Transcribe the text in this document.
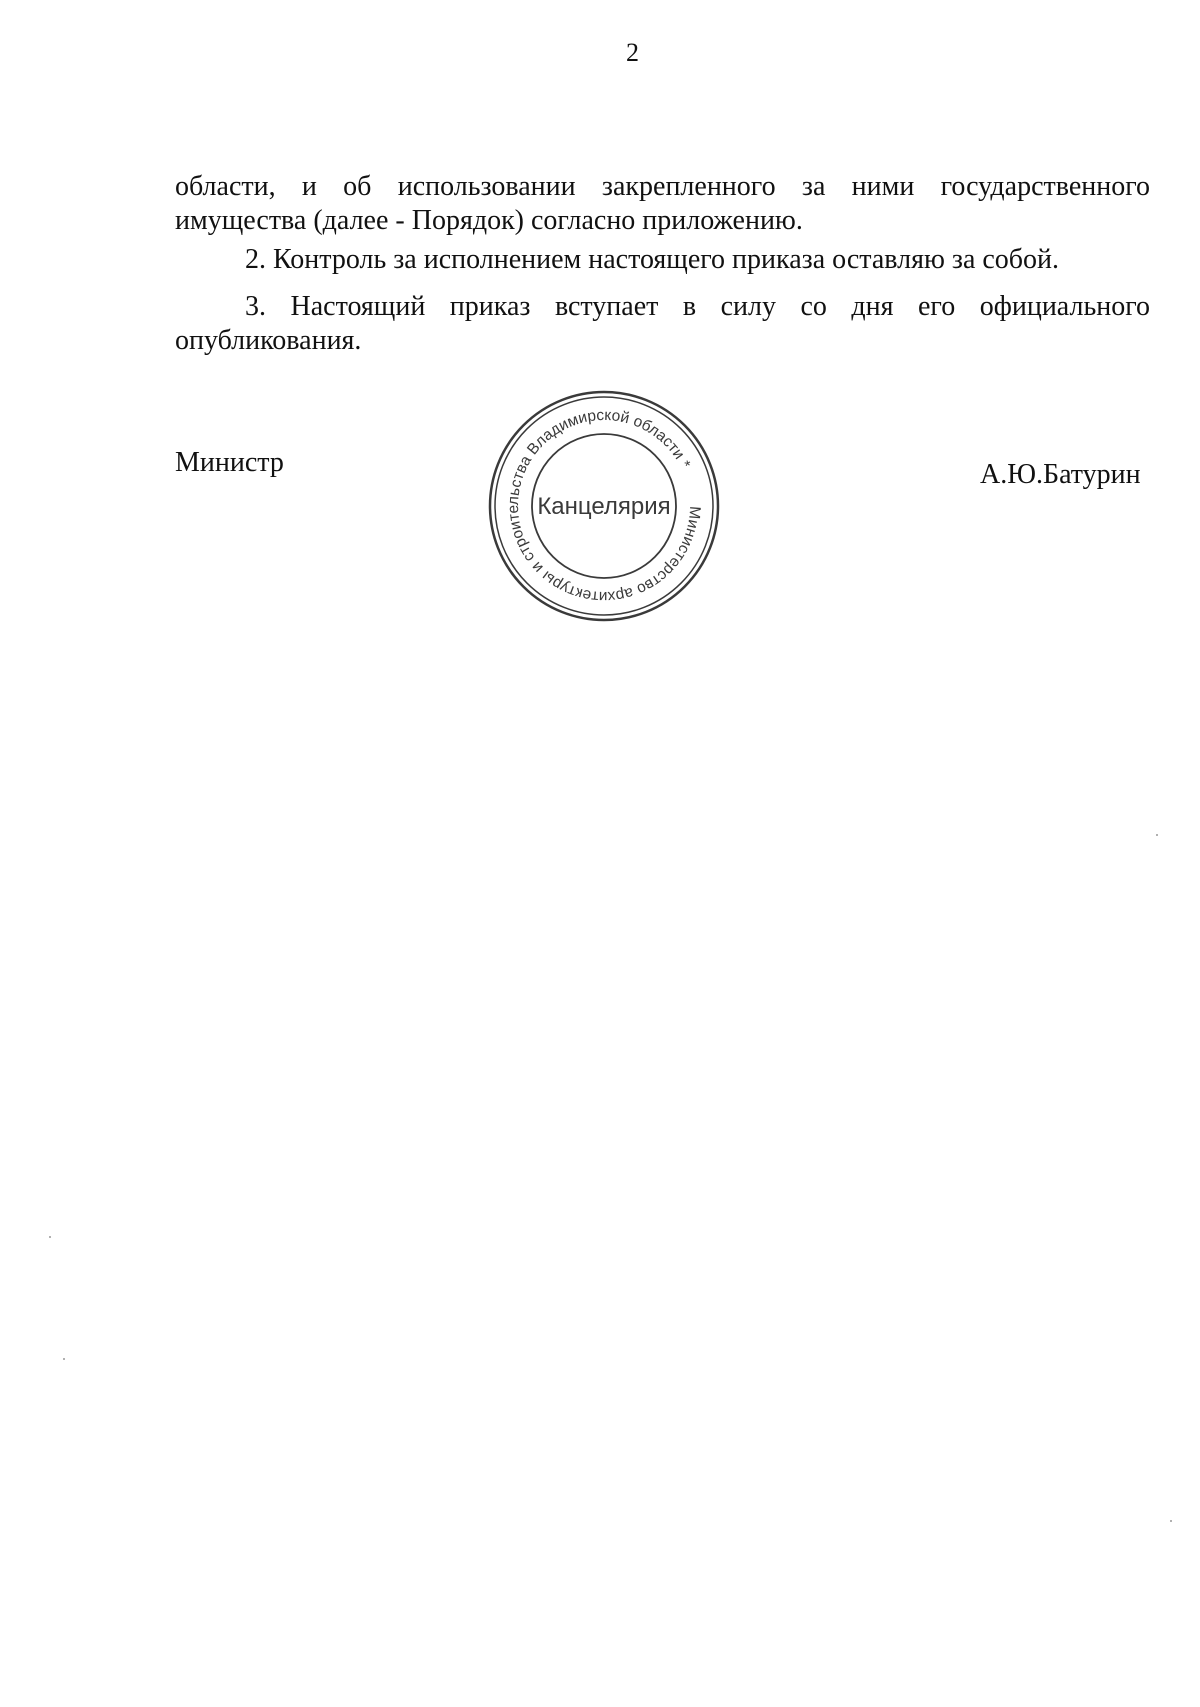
2
области, и об использовании закрепленного за ними государственного
имущества (далее - Порядок) согласно приложению.
2. Контроль за исполнением настоящего приказа оставляю за собой.
3. Настоящий приказ вступает в силу со дня его официального
опубликования.
Министр
Министерство архитектуры и строительства Владимирской области *
Канцелярия
А.Ю.Батурин
